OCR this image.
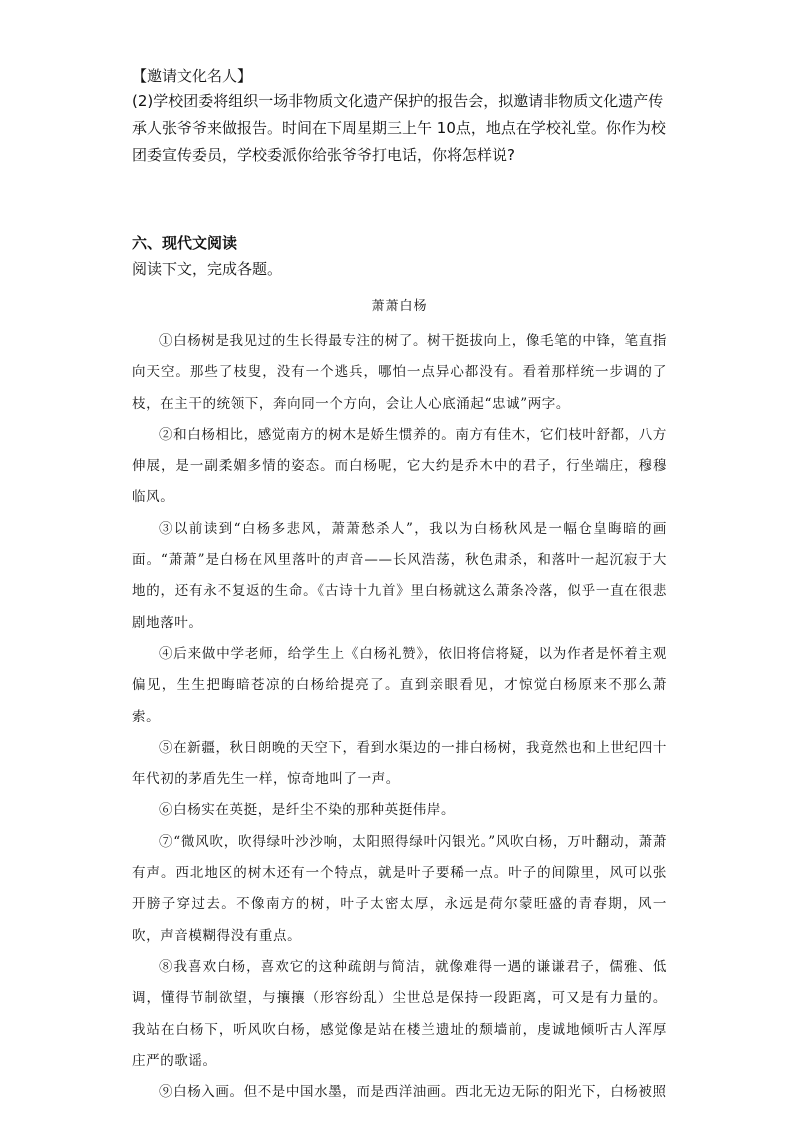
【邀请文化名人】

(2)学校团委将组织一场非物质文化遗产保护的报告会，拟邀请非物质文化遗产传承人张爷爷来做报告。时间在下周星期三上午 10点，地点在学校礼堂。你作为校团委宣传委员，学校委派你给张爷爷打电话，你将怎样说?

六、现代文阅读

阅读下文，完成各题。

萧萧白杨

①白杨树是我见过的生长得最专注的树了。树干挺拔向上，像毛笔的中锋，笔直指向天空。那些了枝叟，没有一个逃兵，哪怕一点异心都没有。看着那样统一步调的了枝，在主干的统领下，奔向同一个方向，会让人心底涌起“忠诚”两字。

②和白杨相比，感觉南方的树木是娇生惯养的。南方有佳木，它们枝叶舒都，八方伸展，是一副柔媚多情的姿态。而白杨呢，它大约是乔木中的君子，行坐端庄，穆穆临风。

③以前读到“白杨多悲风，萧萧愁杀人”，我以为白杨秋风是一幅仓皇晦暗的画面。“萧萧”是白杨在风里落叶的声音——长风浩荡，秋色肃杀，和落叶一起沉寂于大地的，还有永不复返的生命。《古诗十九首》里白杨就这么萧条冷落，似乎一直在很悲剧地落叶。

④后来做中学老师，给学生上《白杨礼赞》，依旧将信将疑，以为作者是怀着主观偏见，生生把晦暗苍凉的白杨给提亮了。直到亲眼看见，才惊觉白杨原来不那么萧索。

⑤在新疆，秋日朗晚的天空下，看到水渠边的一排白杨树，我竟然也和上世纪四十年代初的茅盾先生一样，惊奇地叫了一声。

⑥白杨实在英挺，是纤尘不染的那种英挺伟岸。

⑦“微风吹，吹得绿叶沙沙响，太阳照得绿叶闪银光。”风吹白杨，万叶翻动，萧萧有声。西北地区的树木还有一个特点，就是叶子要稀一点。叶子的间隙里，风可以张开膀子穿过去。不像南方的树，叶子太密太厚，永远是荷尔蒙旺盛的青春期，风一吹，声音模糊得没有重点。

⑧我喜欢白杨，喜欢它的这种疏朗与简洁，就像难得一遇的谦谦君子，儒雅、低调，懂得节制欲望，与攘攘（形容纷乱）尘世总是保持一段距离，可又是有力量的。我站在白杨下，听风吹白杨，感觉像是站在楼兰遗址的颓墙前，虔诚地倾听古人浑厚庄严的歌谣。

⑨白杨入画。但不是中国水墨，而是西洋油画。西北无边无际的阳光下，白杨被照
